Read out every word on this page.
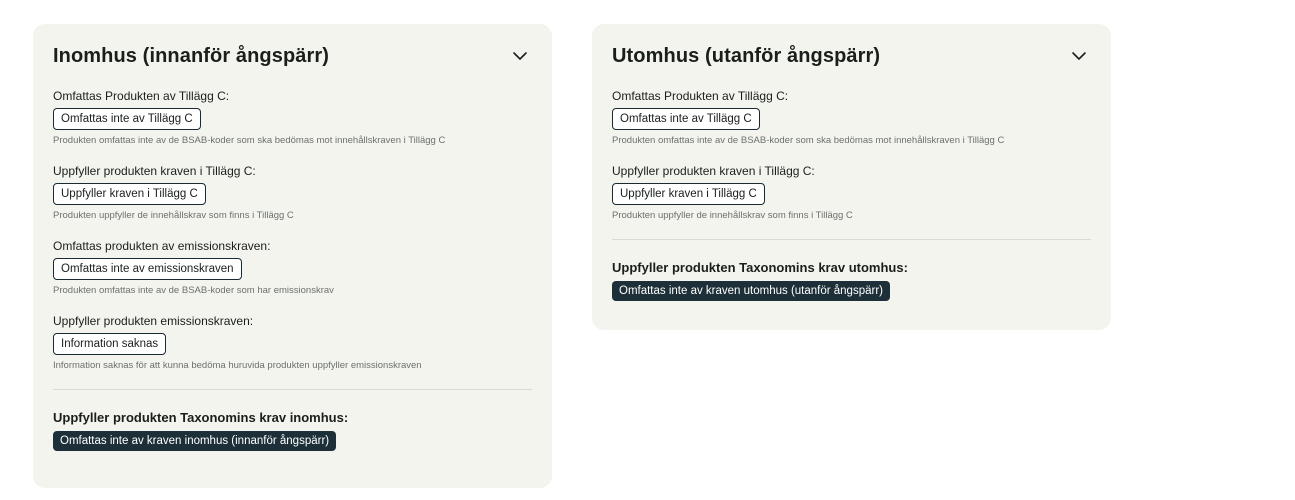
Inomhus (innanför ångspärr)
Omfattas Produkten av Tillägg C:
Omfattas inte av Tillägg C
Produkten omfattas inte av de BSAB-koder som ska bedömas mot innehållskraven i Tillägg C
Uppfyller produkten kraven i Tillägg C:
Uppfyller kraven i Tillägg C
Produkten uppfyller de innehållskrav som finns i Tillägg C
Omfattas produkten av emissionskraven:
Omfattas inte av emissionskraven
Produkten omfattas inte av de BSAB-koder som har emissionskrav
Uppfyller produkten emissionskraven:
Information saknas
Information saknas för att kunna bedöma huruvida produkten uppfyller emissionskraven
Uppfyller produkten Taxonomins krav inomhus:
Omfattas inte av kraven inomhus (innanför ångspärr)
Utomhus (utanför ångspärr)
Omfattas Produkten av Tillägg C:
Omfattas inte av Tillägg C
Produkten omfattas inte av de BSAB-koder som ska bedömas mot innehållskraven i Tillägg C
Uppfyller produkten kraven i Tillägg C:
Uppfyller kraven i Tillägg C
Produkten uppfyller de innehållskrav som finns i Tillägg C
Uppfyller produkten Taxonomins krav utomhus:
Omfattas inte av kraven utomhus (utanför ångspärr)
